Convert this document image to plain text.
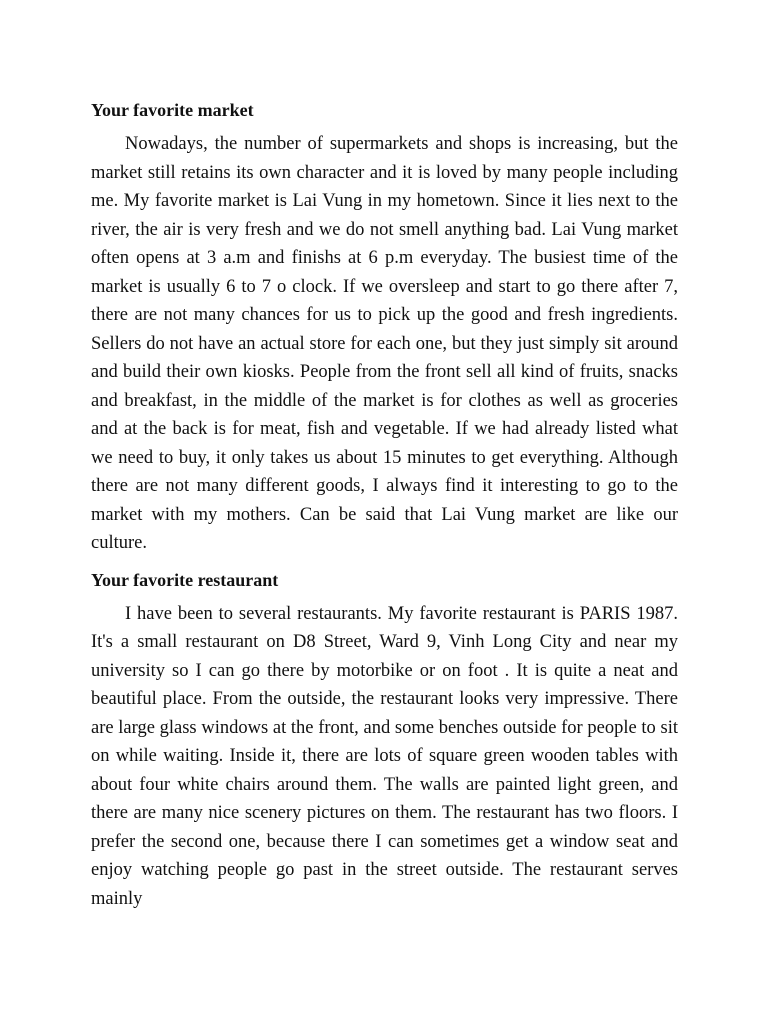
Your favorite market

Nowadays, the number of supermarkets and shops is increasing, but the market still retains its own character and it is loved by many people including me. My favorite market is Lai Vung in my hometown. Since it lies next to the river, the air is very fresh and we do not smell anything bad. Lai Vung market often opens at 3 a.m and finishs at 6 p.m everyday. The busiest time of the market is usually 6 to 7 o clock. If we oversleep and start to go there after 7, there are not many chances for us to pick up the good and fresh ingredients. Sellers do not have an actual store for each one, but they just simply sit around and build their own kiosks. People from the front sell all kind of fruits, snacks and breakfast, in the middle of the market is for clothes as well as groceries and at the back is for meat, fish and vegetable. If we had already listed what we need to buy, it only takes us about 15 minutes to get everything. Although there are not many different goods, I always find it interesting to go to the market with my mothers. Can be said that Lai Vung market are like our culture.

Your favorite restaurant

I have been to several restaurants. My favorite restaurant is PARIS 1987. It's a small restaurant on D8 Street, Ward 9, Vinh Long City and near my university so I can go there by motorbike or on foot . It is quite a neat and beautiful place. From the outside, the restaurant looks very impressive. There are large glass windows at the front, and some benches outside for people to sit on while waiting. Inside it, there are lots of square green wooden tables with about four white chairs around them. The walls are painted light green, and there are many nice scenery pictures on them. The restaurant has two floors. I prefer the second one, because there I can sometimes get a window seat and enjoy watching people go past in the street outside. The restaurant serves mainly
